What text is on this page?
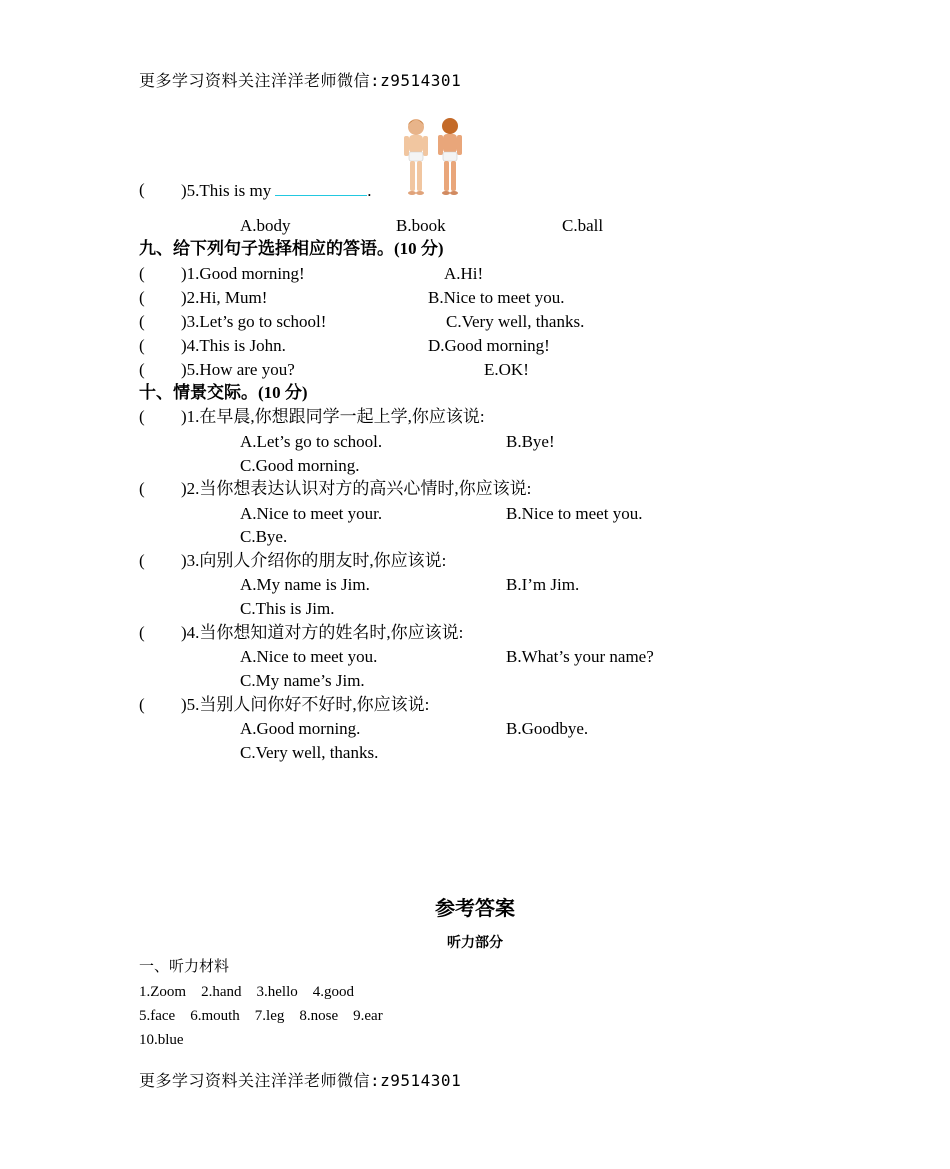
更多学习资料关注洋洋老师微信:z9514301
( )5.This is my	.
A.body	B.book	C.ball
九、给下列句子选择相应的答语。(10 分)
( )1.Good morning!	A.Hi!
( )2.Hi, Mum!	B.Nice to meet you.
( )3.Let’s go to school!	C.Very well, thanks.
( )4.This is John.	D.Good morning!
( )5.How are you?	E.OK!
十、情景交际。(10 分)
( )1.在早晨,你想跟同学一起上学,你应该说:
A.Let’s go to school.	B.Bye!
C.Good morning.
( )2.当你想表达认识对方的高兴心情时,你应该说:
A.Nice to meet your.	B.Nice to meet you.
C.Bye.
( )3.向别人介绍你的朋友时,你应该说:
A.My name is Jim.	B.I’m Jim.
C.This is Jim.
( )4.当你想知道对方的姓名时,你应该说:
A.Nice to meet you.	B.What’s your name?
C.My name’s Jim.
( )5.当别人问你好不好时,你应该说:
A.Good morning.	B.Goodbye.
C.Very well, thanks.
参考答案
听力部分
一、听力材料
1.Zoom    2.hand    3.hello    4.good
5.face    6.mouth    7.leg    8.nose    9.ear
10.blue
更多学习资料关注洋洋老师微信:z9514301
